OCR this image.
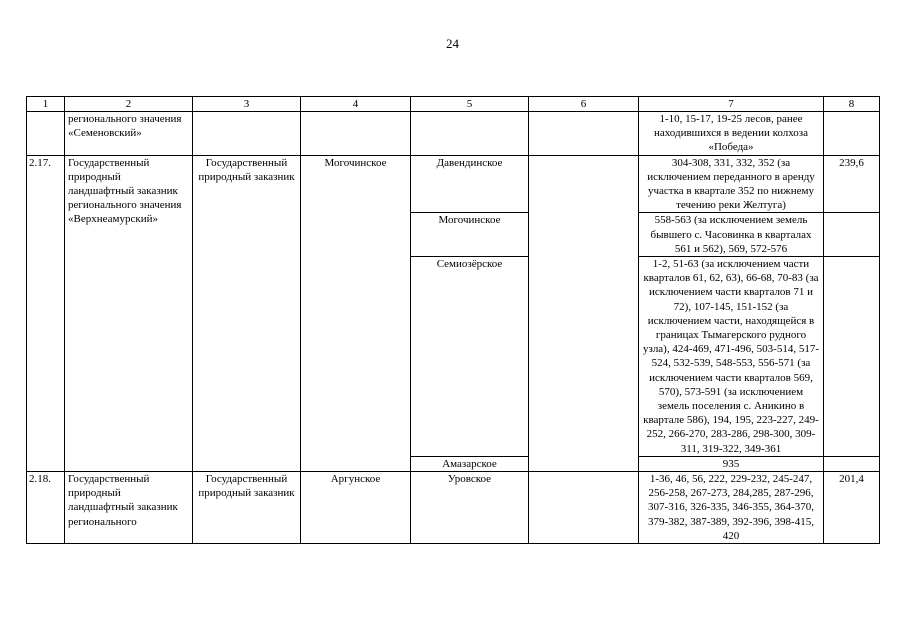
24
1	2	3	4	5	6	7	8
	регионального значения «Семеновский»					1-10, 15-17, 19-25 лесов, ранее находившихся в ведении колхоза «Победа»	
2.17.	Государственный природный ландшафтный заказник регионального значения «Верхнеамурский»	Государственный природный заказник	Могочинское	Давендинское		304-308, 331, 332, 352 (за исключением переданного в аренду участка в квартале 352 по нижнему течению реки Желтуга)	239,6
				Могочинское		558-563 (за исключением земель бывшего с. Часовинка в кварталах 561 и 562), 569, 572-576	
				Семиозёрское		1-2, 51-63 (за исключением части кварталов 61, 62, 63), 66-68, 70-83 (за исключением части кварталов 71 и 72), 107-145, 151-152 (за исключением части, находящейся в границах Тымагерского рудного узла), 424-469, 471-496, 503-514, 517-524, 532-539, 548-553, 556-571 (за исключением части кварталов 569, 570), 573-591 (за исключением земель поселения с. Аникино в квартале 586), 194, 195, 223-227, 249-252, 266-270, 283-286, 298-300, 309-311, 319-322, 349-361	
				Амазарское		935	
2.18.	Государственный природный ландшафтный заказник регионального	Государственный природный заказник	Аргунское	Уровское		1-36, 46, 56, 222, 229-232, 245-247, 256-258, 267-273, 284,285, 287-296, 307-316, 326-335, 346-355, 364-370, 379-382, 387-389, 392-396, 398-415, 420	201,4
